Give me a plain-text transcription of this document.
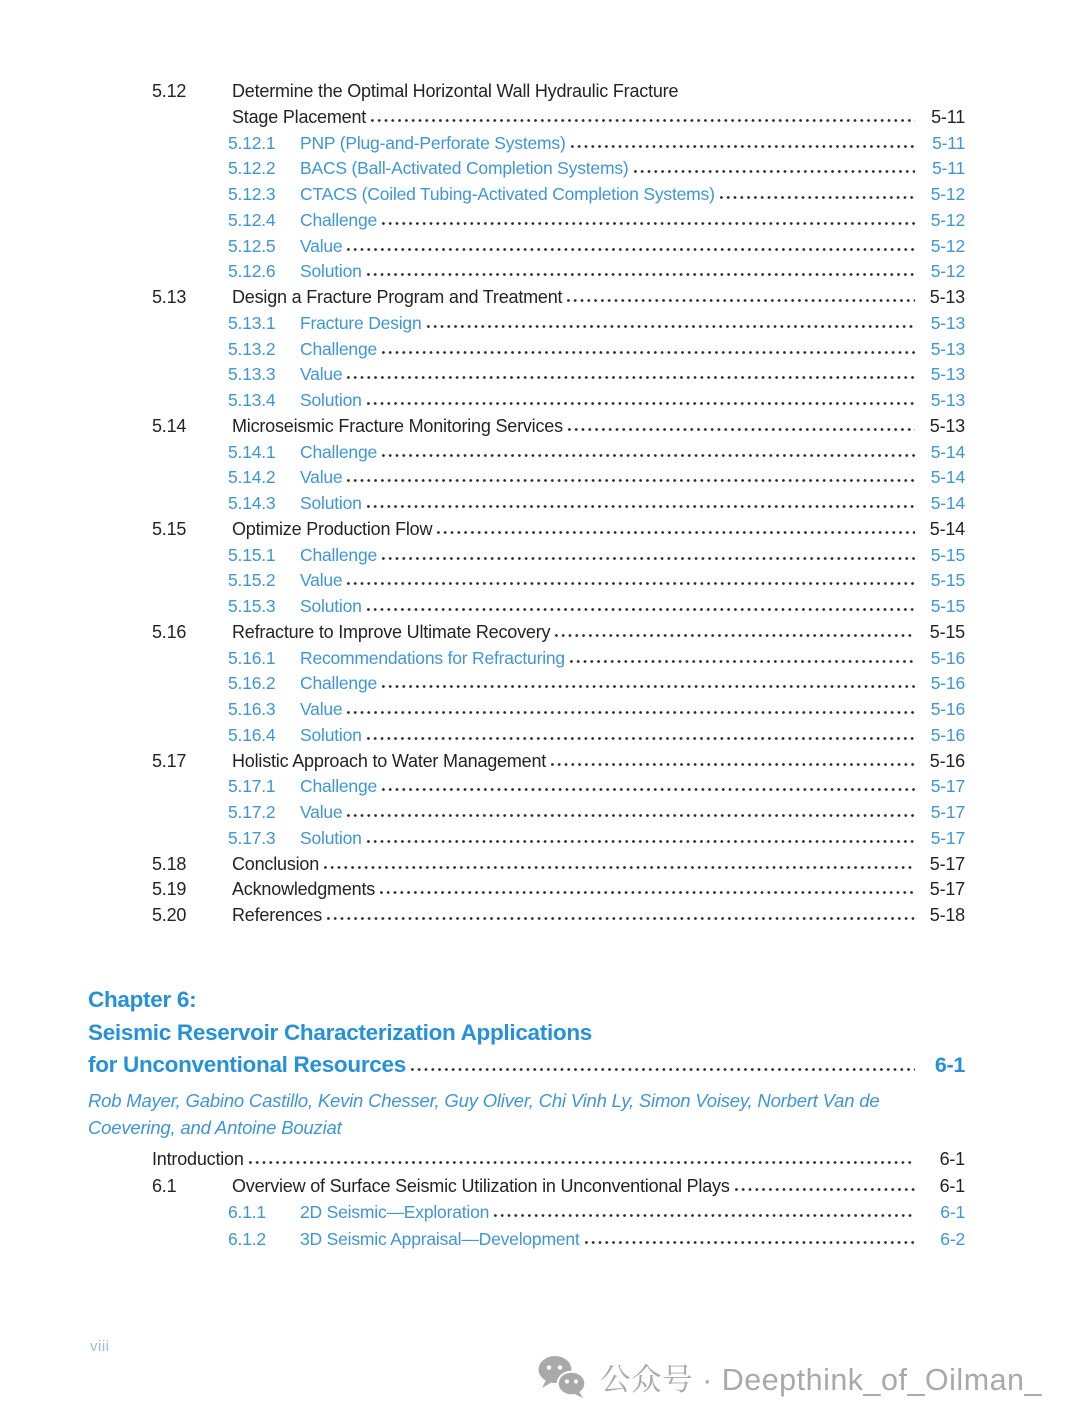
5.12	Determine the Optimal Horizontal Wall Hydraulic Fracture
Stage Placement	5-11
5.12.1	PNP (Plug-and-Perforate Systems)	5-11
5.12.2	BACS (Ball-Activated Completion Systems)	5-11
5.12.3	CTACS (Coiled Tubing-Activated Completion Systems)	5-12
5.12.4	Challenge	5-12
5.12.5	Value	5-12
5.12.6	Solution	5-12
5.13	Design a Fracture Program and Treatment	5-13
5.13.1	Fracture Design	5-13
5.13.2	Challenge	5-13
5.13.3	Value	5-13
5.13.4	Solution	5-13
5.14	Microseismic Fracture Monitoring Services	5-13
5.14.1	Challenge	5-14
5.14.2	Value	5-14
5.14.3	Solution	5-14
5.15	Optimize Production Flow	5-14
5.15.1	Challenge	5-15
5.15.2	Value	5-15
5.15.3	Solution	5-15
5.16	Refracture to Improve Ultimate Recovery	5-15
5.16.1	Recommendations for Refracturing	5-16
5.16.2	Challenge	5-16
5.16.3	Value	5-16
5.16.4	Solution	5-16
5.17	Holistic Approach to Water Management	5-16
5.17.1	Challenge	5-17
5.17.2	Value	5-17
5.17.3	Solution	5-17
5.18	Conclusion	5-17
5.19	Acknowledgments	5-17
5.20	References	5-18
Chapter 6:
Seismic Reservoir Characterization Applications
for Unconventional Resources	6-1
Rob Mayer, Gabino Castillo, Kevin Chesser, Guy Oliver, Chi Vinh Ly, Simon Voisey, Norbert Van de
Coevering, and Antoine Bouziat
Introduction	6-1
6.1	Overview of Surface Seismic Utilization in Unconventional Plays	6-1
6.1.1	2D Seismic—Exploration	6-1
6.1.2	3D Seismic Appraisal—Development	6-2
viii
公众号 · Deepthink_of_Oilman_
